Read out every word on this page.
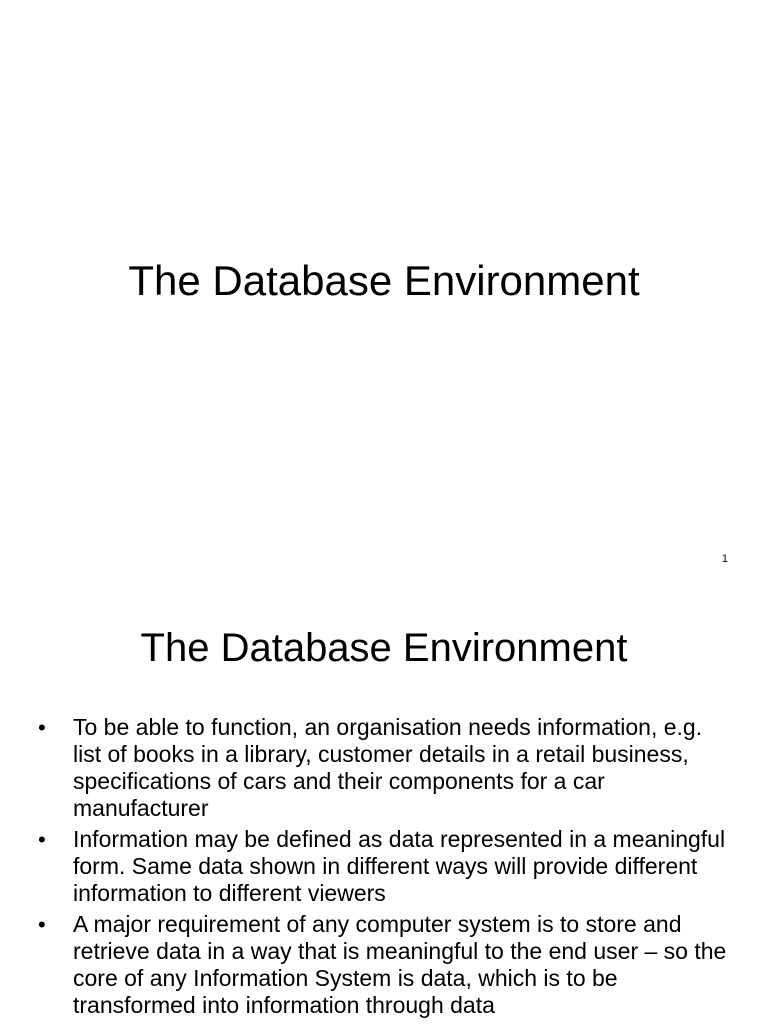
The Database Environment
1
The Database Environment
•	To be able to function, an organisation needs information, e.g. list of books in a library, customer details in a retail business, specifications of cars and their components for a car manufacturer
•	Information may be defined as data represented in a meaningful form. Same data shown in different ways will provide different information to different viewers
•	A major requirement of any computer system is to store and retrieve data in a way that is meaningful to the end user – so the core of any Information System is data, which is to be transformed into information through data
